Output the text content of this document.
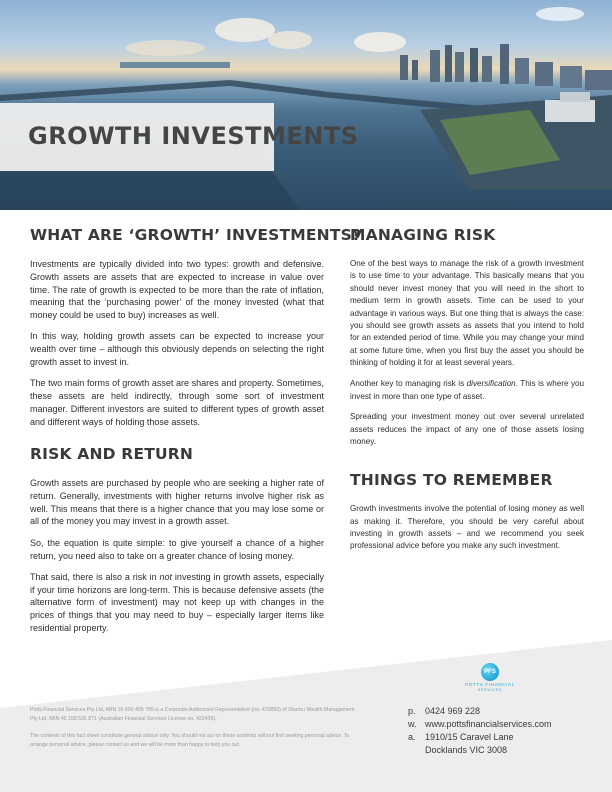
GROWTH INVESTMENTS
WHAT ARE ‘GROWTH’ INVESTMENTS?

Investments are typically divided into two types: growth and defensive. Growth assets are assets that are expected to increase in value over time. The rate of growth is expected to be more than the rate of inflation, meaning that the ‘purchasing power’ of the money invested (what that money could be used to buy) increases as well.

In this way, holding growth assets can be expected to increase your wealth over time – although this obviously depends on selecting the right growth asset to invest in.

The two main forms of growth asset are shares and property. Sometimes, these assets are held indirectly, through some sort of investment manager. Different investors are suited to different types of growth asset and different ways of holding those assets.

RISK AND RETURN

Growth assets are purchased by people who are seeking a higher rate of return. Generally, investments with higher returns involve higher risk as well. This means that there is a higher chance that you may lose some or all of the money you may invest in a growth asset.

So, the equation is quite simple: to give yourself a chance of a higher return, you need also to take on a greater chance of losing money.

That said, there is also a risk in not investing in growth assets, especially if your time horizons are long-term. This is because defensive assets (the alternative form of investment) may not keep up with changes in the prices of things that you may need to buy – especially larger items like residential property.

MANAGING RISK

One of the best ways to manage the risk of a growth investment is to use time to your advantage. This basically means that you should never invest money that you will need in the short to medium term in growth assets. Time can be used to your advantage in various ways. But one thing that is always the case: you should see growth assets as assets that you intend to hold for an extended period of time. While you may change your mind at some future time, when you first buy the asset you should be thinking of holding it for at least several years.

Another key to managing risk is diversification. This is where you invest in more than one type of asset.

Spreading your investment money out over several unrelated assets reduces the impact of any one of those assets losing money.

THINGS TO REMEMBER

Growth investments involve the potential of losing money as well as making it. Therefore, you should be very careful about investing in growth assets – and we recommend you seek professional advice before you make any such investment.

PFS
POTTS FINANCIAL
SERVICES
Potts Financial Services Pty Ltd, ABN 16 600 409 785 is a Corporate Authorised Representative (no. 470850) of Shartru Wealth Management Pty Ltd, ABN 45 158 536 871 (Australian Financial Services License no. 422409).
The contents of this fact sheet constitute general advice only. You should not act on these contents without first seeking personal advice. To arrange personal advice, please contact us and we will be more than happy to help you out.
p.	0424 969 228
w. www.pottsfinancialservices.com
a.	1910/15 Caravel Lane
Docklands VIC 3008
